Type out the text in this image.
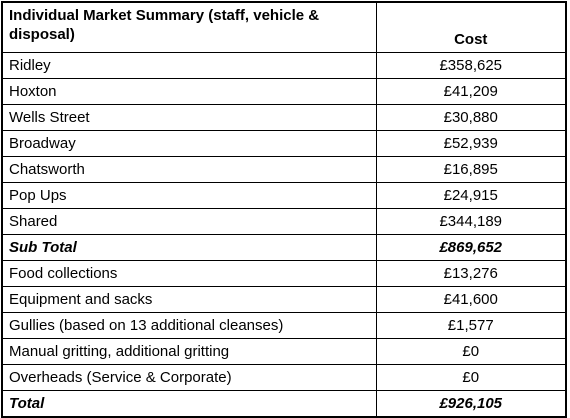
Individual Market Summary (staff, vehicle & disposal)	Cost
Ridley	£358,625
Hoxton	£41,209
Wells Street	£30,880
Broadway	£52,939
Chatsworth	£16,895
Pop Ups	£24,915
Shared	£344,189
Sub Total	£869,652
Food collections	£13,276
Equipment and sacks	£41,600
Gullies (based on 13 additional cleanses)	£1,577
Manual gritting, additional gritting	£0
Overheads (Service & Corporate)	£0
Total	£926,105
